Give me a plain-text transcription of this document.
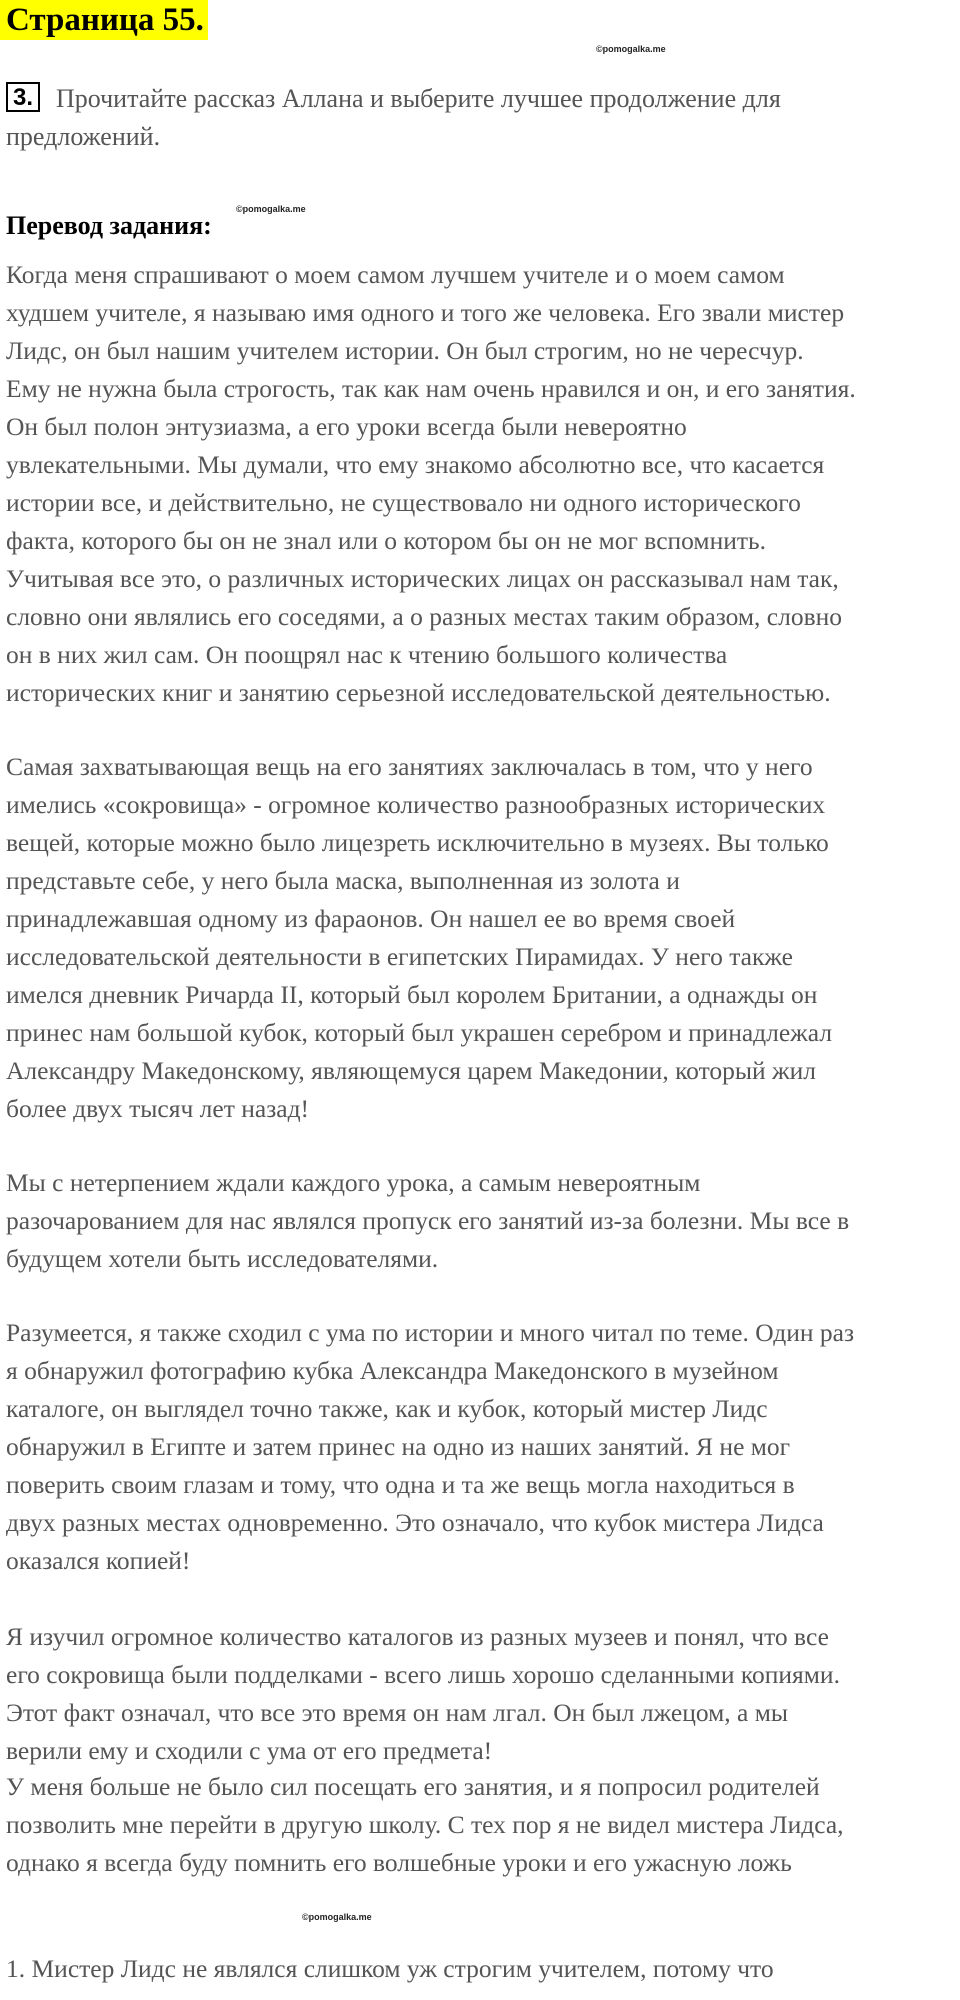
Страница 55.
©pomogalka.me
3. Прочитайте рассказ Аллана и выберите лучшее продолжение для
предложений.
Перевод задания:
©pomogalka.me
Когда меня спрашивают о моем самом лучшем учителе и о моем самом
худшем учителе, я называю имя одного и того же человека. Его звали мистер
Лидс, он был нашим учителем истории. Он был строгим, но не чересчур.
Ему не нужна была строгость, так как нам очень нравился и он, и его занятия.
Он был полон энтузиазма, а его уроки всегда были невероятно
увлекательными. Мы думали, что ему знакомо абсолютно все, что касается
истории все, и действительно, не существовало ни одного исторического
факта, которого бы он не знал или о котором бы он не мог вспомнить.
Учитывая все это, о различных исторических лицах он рассказывал нам так,
словно они являлись его соседями, а о разных местах таким образом, словно
он в них жил сам. Он поощрял нас к чтению большого количества
исторических книг и занятию серьезной исследовательской деятельностью.
Самая захватывающая вещь на его занятиях заключалась в том, что у него
имелись «сокровища» - огромное количество разнообразных исторических
вещей, которые можно было лицезреть исключительно в музеях. Вы только
представьте себе, у него была маска, выполненная из золота и
принадлежавшая одному из фараонов. Он нашел ее во время своей
исследовательской деятельности в египетских Пирамидах. У него также
имелся дневник Ричарда II, который был королем Британии, а однажды он
принес нам большой кубок, который был украшен серебром и принадлежал
Александру Македонскому, являющемуся царем Македонии, который жил
более двух тысяч лет назад!
Мы с нетерпением ждали каждого урока, а самым невероятным
разочарованием для нас являлся пропуск его занятий из-за болезни. Мы все в
будущем хотели быть исследователями.
Разумеется, я также сходил с ума по истории и много читал по теме. Один раз
я обнаружил фотографию кубка Александра Македонского в музейном
каталоге, он выглядел точно также, как и кубок, который мистер Лидс
обнаружил в Египте и затем принес на одно из наших занятий. Я не мог
поверить своим глазам и тому, что одна и та же вещь могла находиться в
двух разных местах одновременно. Это означало, что кубок мистера Лидса
оказался копией!
Я изучил огромное количество каталогов из разных музеев и понял, что все
его сокровища были подделками - всего лишь хорошо сделанными копиями.
Этот факт означал, что все это время он нам лгал. Он был лжецом, а мы
верили ему и сходили с ума от его предмета!
У меня больше не было сил посещать его занятия, и я попросил родителей
позволить мне перейти в другую школу. С тех пор я не видел мистера Лидса,
однако я всегда буду помнить его волшебные уроки и его ужасную ложь
1. Мистер Лидс не являлся слишком уж строгим учителем, потому что
©pomogalka.me
